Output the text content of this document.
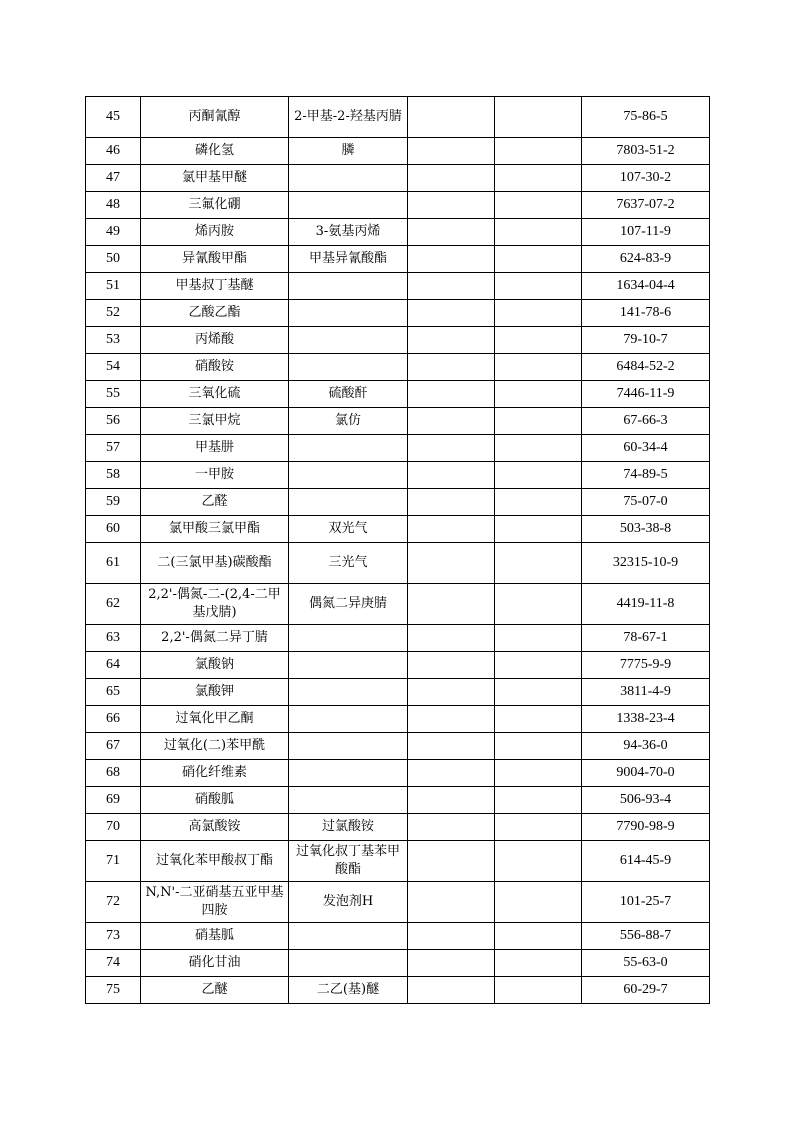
45	丙酮氰醇	2-甲基-2-羟基丙腈			75-86-5
46	磷化氢	膦			7803-51-2
47	氯甲基甲醚				107-30-2
48	三氟化硼				7637-07-2
49	烯丙胺	3-氨基丙烯			107-11-9
50	异氰酸甲酯	甲基异氰酸酯			624-83-9
51	甲基叔丁基醚				1634-04-4
52	乙酸乙酯				141-78-6
53	丙烯酸				79-10-7
54	硝酸铵				6484-52-2
55	三氧化硫	硫酸酐			7446-11-9
56	三氯甲烷	氯仿			67-66-3
57	甲基肼				60-34-4
58	一甲胺				74-89-5
59	乙醛				75-07-0
60	氯甲酸三氯甲酯	双光气			503-38-8
61	二(三氯甲基)碳酸酯	三光气			32315-10-9
62	2,2'-偶氮-二-(2,4-二甲基戊腈)	偶氮二异庚腈			4419-11-8
63	2,2'-偶氮二异丁腈				78-67-1
64	氯酸钠				7775-9-9
65	氯酸钾				3811-4-9
66	过氧化甲乙酮				1338-23-4
67	过氧化(二)苯甲酰				94-36-0
68	硝化纤维素				9004-70-0
69	硝酸胍				506-93-4
70	高氯酸铵	过氯酸铵			7790-98-9
71	过氧化苯甲酸叔丁酯	过氧化叔丁基苯甲酸酯			614-45-9
72	N,N'-二亚硝基五亚甲基四胺	发泡剂H			101-25-7
73	硝基胍				556-88-7
74	硝化甘油				55-63-0
75	乙醚	二乙(基)醚			60-29-7
